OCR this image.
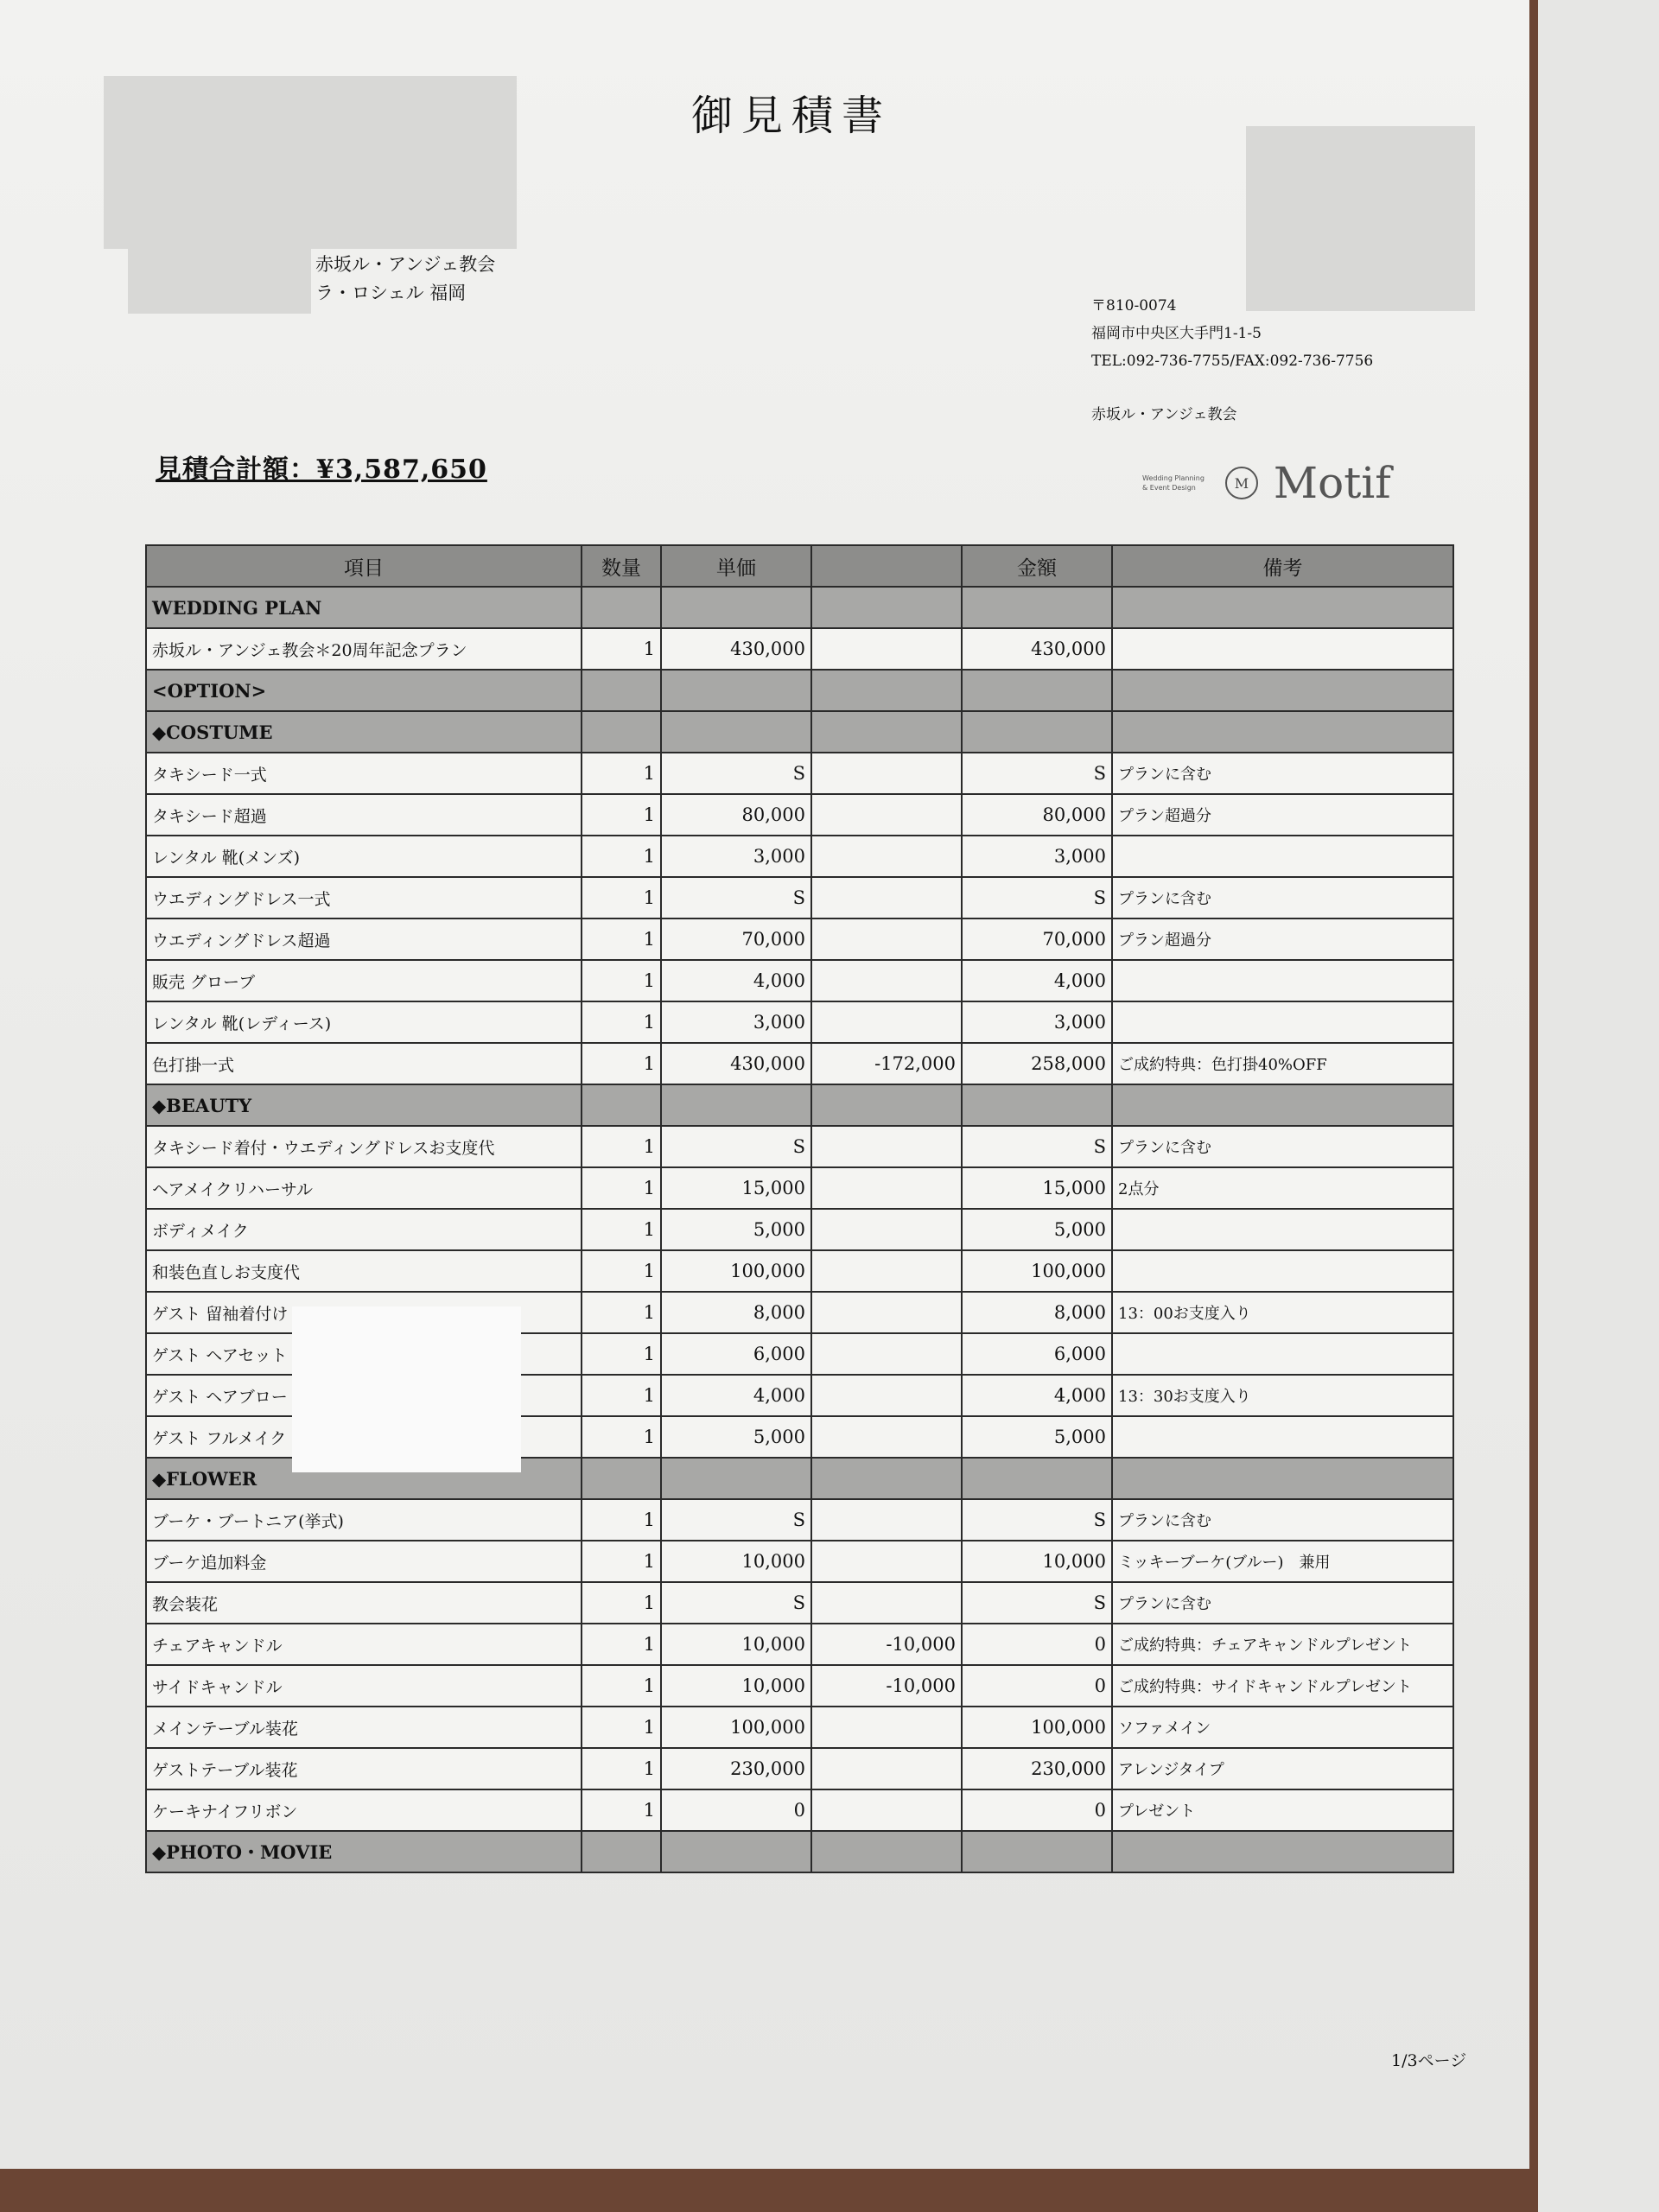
御見積書
赤坂ル・アンジェ教会
ラ・ロシェル 福岡
〒810-0074
福岡市中央区大手門1-1-5
TEL:092-736-7755/FAX:092-736-7756
赤坂ル・アンジェ教会
見積合計額：¥3,587,650	Wedding Planning
& Event Design	M Motif
項目	数量	単価		金額	備考
WEDDING PLAN					
赤坂ル・アンジェ教会＊20周年記念プラン	1	430,000		430,000	
<OPTION>					
◆COSTUME					
タキシード一式	1	S		S	プランに含む
タキシード超過	1	80,000		80,000	プラン超過分
レンタル 靴(メンズ)	1	3,000		3,000	
ウエディングドレス一式	1	S		S	プランに含む
ウエディングドレス超過	1	70,000		70,000	プラン超過分
販売 グローブ	1	4,000		4,000	
レンタル 靴(レディース)	1	3,000		3,000	
色打掛一式	1	430,000	-172,000	258,000	ご成約特典：色打掛40%OFF
◆BEAUTY					
タキシード着付・ウエディングドレスお支度代	1	S		S	プランに含む
ヘアメイクリハーサル	1	15,000		15,000	2点分
ボディメイク	1	5,000		5,000	
和装色直しお支度代	1	100,000		100,000	
ゲスト 留袖着付け	1	8,000		8,000	13：00お支度入り
ゲスト ヘアセット	1	6,000		6,000	
ゲスト ヘアブロー	1	4,000		4,000	13：30お支度入り
ゲスト フルメイク	1	5,000		5,000	
◆FLOWER					
ブーケ・ブートニア(挙式)	1	S		S	プランに含む
ブーケ追加料金	1	10,000		10,000	ミッキーブーケ(ブルー)　兼用
教会装花	1	S		S	プランに含む
チェアキャンドル	1	10,000	-10,000	0	ご成約特典：チェアキャンドルプレゼント
サイドキャンドル	1	10,000	-10,000	0	ご成約特典：サイドキャンドルプレゼント
メインテーブル装花	1	100,000		100,000	ソファメイン
ゲストテーブル装花	1	230,000		230,000	アレンジタイプ
ケーキナイフリボン	1	0		0	プレゼント
◆PHOTO・MOVIE					
1/3ページ
